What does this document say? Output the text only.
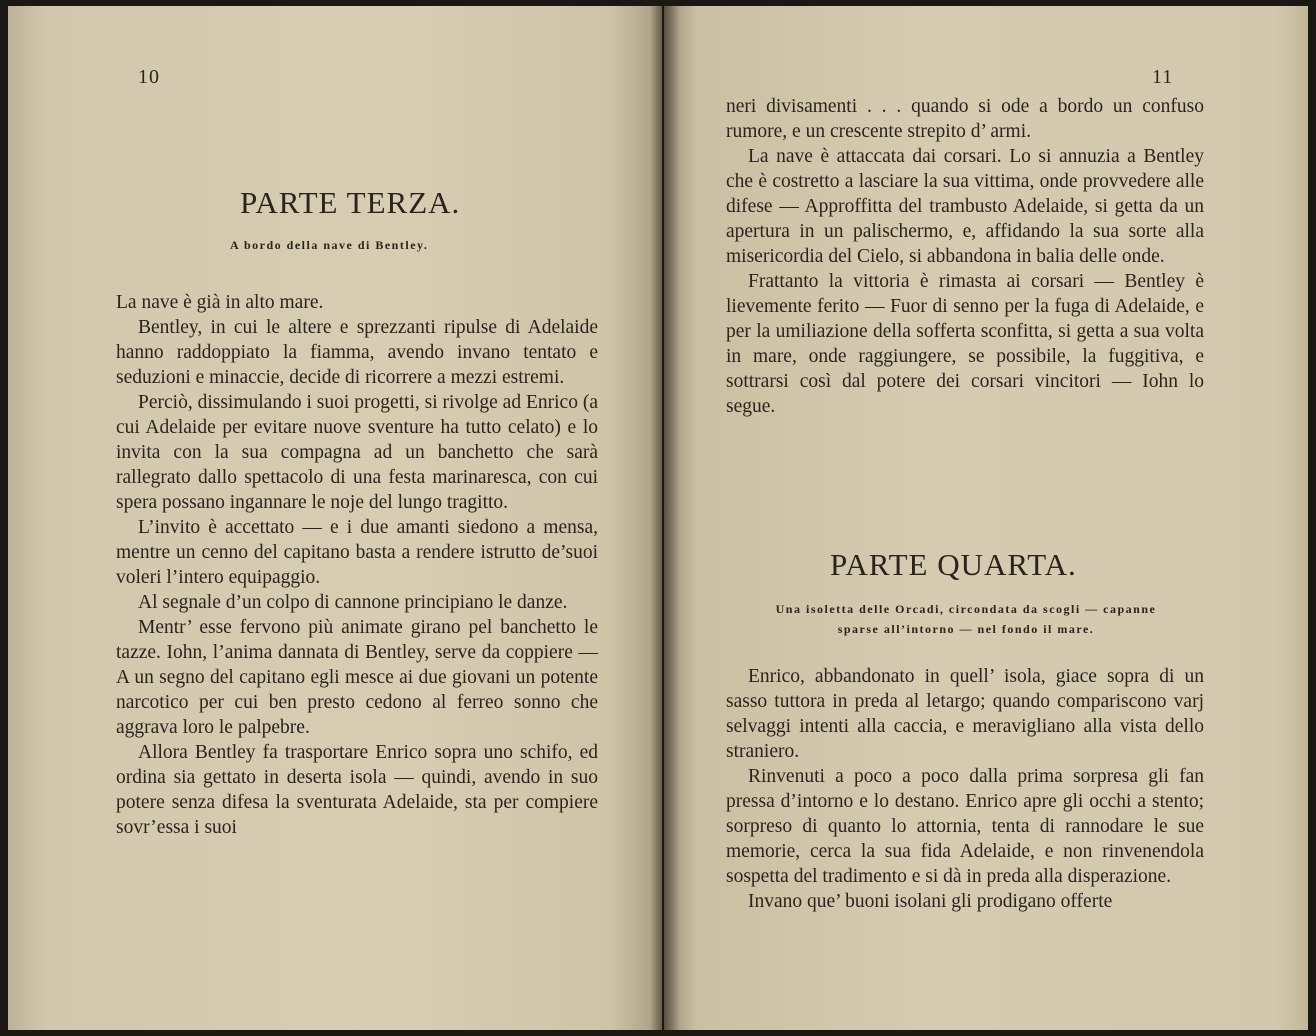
10
PARTE TERZA.
A bordo della nave di Bentley.

La nave è già in alto mare.

Bentley, in cui le altere e sprezzanti ripulse di Adelaide hanno raddoppiato la fiamma, avendo invano tentato e seduzioni e minaccie, decide di ricorrere a mezzi estremi.

Perciò, dissimulando i suoi progetti, si rivolge ad Enrico (a cui Adelaide per evitare nuove sventure ha tutto celato) e lo invita con la sua compagna ad un banchetto che sarà rallegrato dallo spettacolo di una festa marinaresca, con cui spera possano ingannare le noje del lungo tragitto.

L’invito è accettato — e i due amanti siedono a mensa, mentre un cenno del capitano basta a rendere istrutto de’suoi voleri l’intero equipaggio.

Al segnale d’un colpo di cannone principiano le danze.

Mentr’ esse fervono più animate girano pel banchetto le tazze. Iohn, l’anima dannata di Bentley, serve da coppiere — A un segno del capitano egli mesce ai due giovani un potente narcotico per cui ben presto cedono al ferreo sonno che aggrava loro le palpebre.

Allora Bentley fa trasportare Enrico sopra uno schifo, ed ordina sia gettato in deserta isola — quindi, avendo in suo potere senza difesa la sventurata Adelaide, sta per compiere sovr’essa i suoi

11

neri divisamenti . . . quando si ode a bordo un confuso rumore, e un crescente strepito d’ armi.

La nave è attaccata dai corsari. Lo si annuzia a Bentley che è costretto a lasciare la sua vittima, onde provvedere alle difese — Approffitta del trambusto Adelaide, si getta da un apertura in un palischermo, e, affidando la sua sorte alla misericordia del Cielo, si abbandona in balia delle onde.

Frattanto la vittoria è rimasta ai corsari — Bentley è lievemente ferito — Fuor di senno per la fuga di Adelaide, e per la umiliazione della sofferta sconfitta, si getta a sua volta in mare, onde raggiungere, se possibile, la fuggitiva, e sottrarsi così dal potere dei corsari vincitori — Iohn lo segue.

PARTE QUARTA.
Una isoletta delle Orcadi, circondata da scogli — capanne
sparse all’intorno — nel fondo il mare.

Enrico, abbandonato in quell’ isola, giace sopra di un sasso tuttora in preda al letargo; quando compariscono varj selvaggi intenti alla caccia, e meravigliano alla vista dello straniero.

Rinvenuti a poco a poco dalla prima sorpresa gli fan pressa d’intorno e lo destano. Enrico apre gli occhi a stento; sorpreso di quanto lo attornia, tenta di rannodare le sue memorie, cerca la sua fida Adelaide, e non rinvenendola sospetta del tradimento e si dà in preda alla disperazione.

Invano que’ buoni isolani gli prodigano offerte
